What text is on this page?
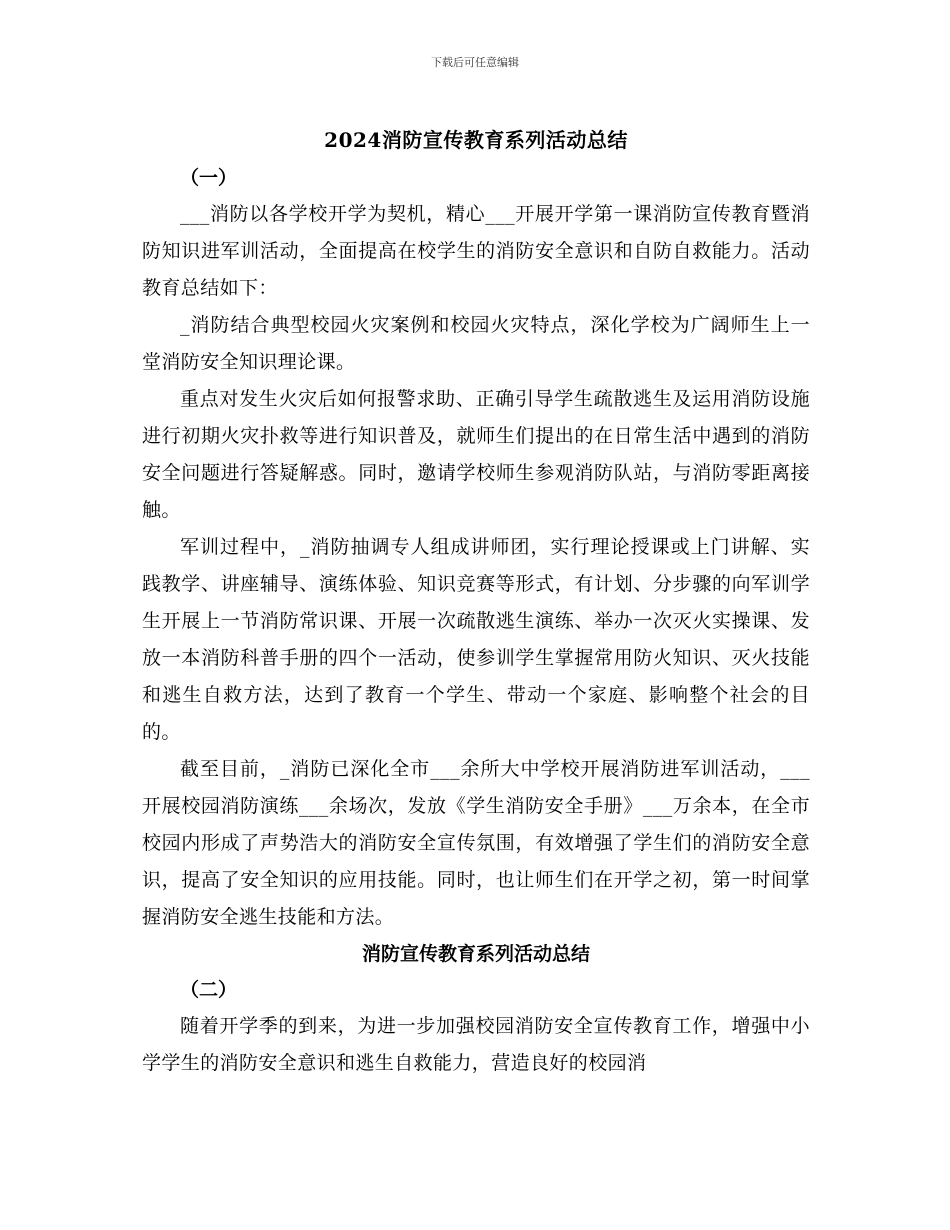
下载后可任意编辑
2024消防宣传教育系列活动总结

（一）

___消防以各学校开学为契机，精心___开展开学第一课消防宣传教育暨消防知识进军训活动，全面提高在校学生的消防安全意识和自防自救能力。活动教育总结如下：

_消防结合典型校园火灾案例和校园火灾特点，深化学校为广阔师生上一堂消防安全知识理论课。

重点对发生火灾后如何报警求助、正确引导学生疏散逃生及运用消防设施进行初期火灾扑救等进行知识普及，就师生们提出的在日常生活中遇到的消防安全问题进行答疑解惑。同时，邀请学校师生参观消防队站，与消防零距离接触。

军训过程中，_消防抽调专人组成讲师团，实行理论授课或上门讲解、实践教学、讲座辅导、演练体验、知识竞赛等形式，有计划、分步骤的向军训学生开展上一节消防常识课、开展一次疏散逃生演练、举办一次灭火实操课、发放一本消防科普手册的四个一活动，使参训学生掌握常用防火知识、灭火技能和逃生自救方法，达到了教育一个学生、带动一个家庭、影响整个社会的目的。

截至目前，_消防已深化全市___余所大中学校开展消防进军训活动，___开展校园消防演练___余场次，发放《学生消防安全手册》___万余本，在全市校园内形成了声势浩大的消防安全宣传氛围，有效增强了学生们的消防安全意识，提高了安全知识的应用技能。同时，也让师生们在开学之初，第一时间掌握消防安全逃生技能和方法。

消防宣传教育系列活动总结

（二）

随着开学季的到来，为进一步加强校园消防安全宣传教育工作，增强中小学学生的消防安全意识和逃生自救能力，营造良好的校园消
